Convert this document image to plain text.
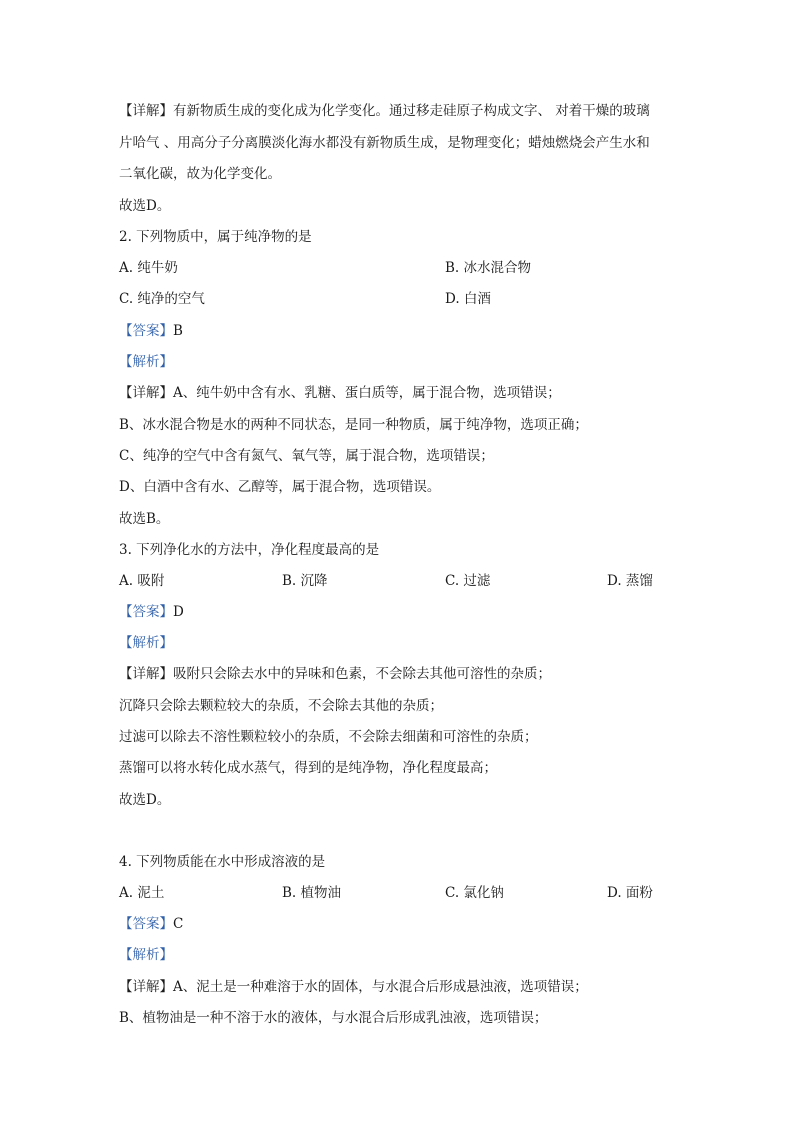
【详解】有新物质生成的变化成为化学变化。通过移走硅原子构成文字、 对着干燥的玻璃
片哈气 、用高分子分离膜淡化海水都没有新物质生成，是物理变化；蜡烛燃烧会产生水和
二氧化碳，故为化学变化。
故选D。
2. 下列物质中，属于纯净物的是
A. 纯牛奶	B. 冰水混合物
C. 纯净的空气	D. 白酒
【答案】B
【解析】
【详解】A、纯牛奶中含有水、乳糖、蛋白质等，属于混合物，选项错误；
B、冰水混合物是水的两种不同状态，是同一种物质，属于纯净物，选项正确；
C、纯净的空气中含有氮气、氧气等，属于混合物，选项错误；
D、白酒中含有水、乙醇等，属于混合物，选项错误。
故选B。
3. 下列净化水的方法中，净化程度最高的是
A. 吸附	B. 沉降	C. 过滤	D. 蒸馏
【答案】D
【解析】
【详解】吸附只会除去水中的异味和色素，不会除去其他可溶性的杂质；
沉降只会除去颗粒较大的杂质，不会除去其他的杂质；
过滤可以除去不溶性颗粒较小的杂质，不会除去细菌和可溶性的杂质；
蒸馏可以将水转化成水蒸气，得到的是纯净物，净化程度最高；
故选D。
4. 下列物质能在水中形成溶液的是
A. 泥土	B. 植物油	C. 氯化钠	D. 面粉
【答案】C
【解析】
【详解】A、泥土是一种难溶于水的固体，与水混合后形成悬浊液，选项错误；
B、植物油是一种不溶于水的液体，与水混合后形成乳浊液，选项错误；
